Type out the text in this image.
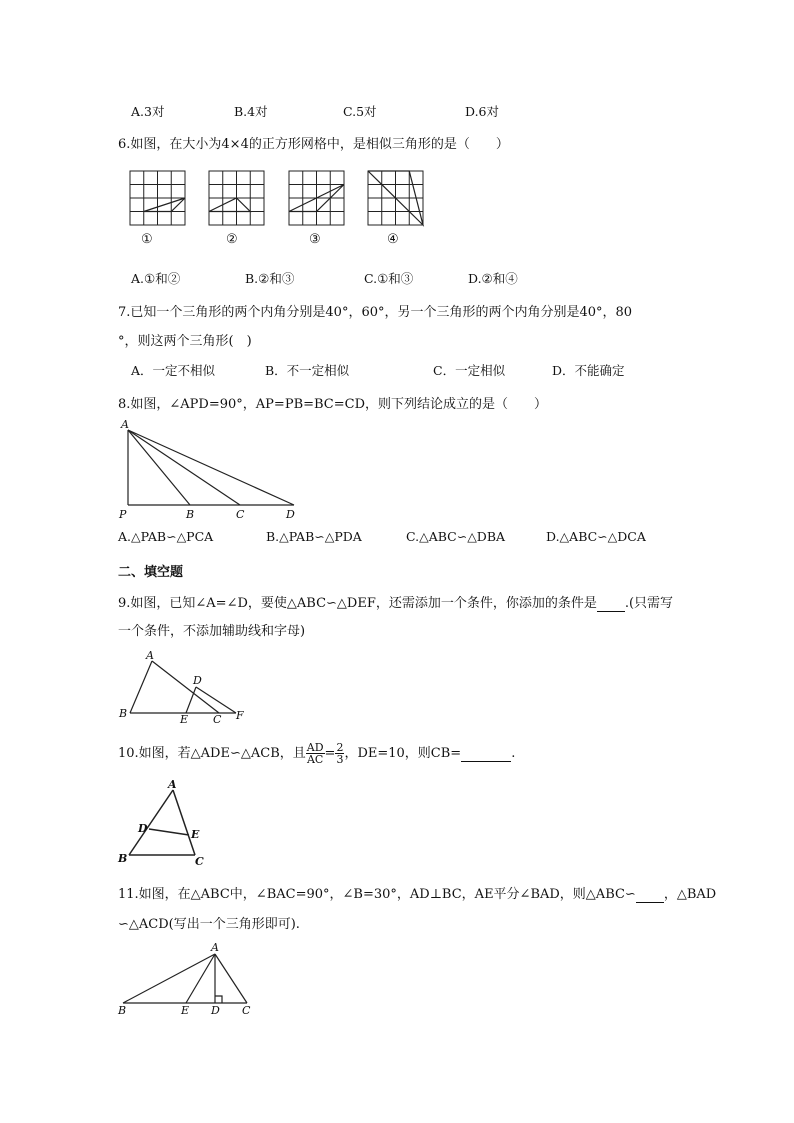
A.3对	B.4对	C.5对	D.6对
6.如图，在大小为4×4的正方形网格中，是相似三角形的是（　　）
①	②	③	④
A.①和②	B.②和③	C.①和③	D.②和④
7.已知一个三角形的两个内角分别是40°，60°，另一个三角形的两个内角分别是40°，80
°，则这两个三角形(　)
A．一定不相似	B．不一定相似	C．一定相似	D．不能确定
8.如图，∠APD=90°，AP=PB=BC=CD，则下列结论成立的是（　　）
A
P	B	C	D
A.△PAB∽△PCA	B.△PAB∽△PDA	C.△ABC∽△DBA	D.△ABC∽△DCA
二、填空题
9.如图，已知∠A=∠D，要使△ABC∽△DEF，还需添加一个条件，你添加的条件是 .(只需写
一个条件，不添加辅助线和字母)
A
B	C
D
E	F
10.如图，若△ADE∽△ACB，且 $\frac{AD}{AC} = \frac{2}{3}$ ，DE=10，则CB=	.
A
B	C
D	E
11.如图，在△ABC中，∠BAC=90°，∠B=30°，AD⊥BC，AE平分∠BAD，则△ABC∽ ，△BAD
∽△ACD(写出一个三角形即可).
A
B	E D C
